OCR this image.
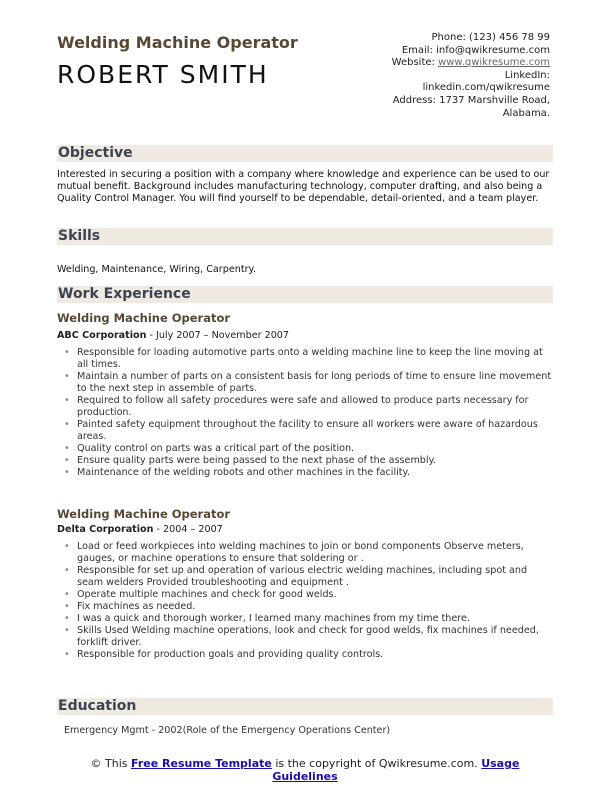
Welding Machine Operator
ROBERT SMITH
Phone: (123) 456 78 99
Email: info@qwikresume.com
Website: www.qwikresume.com
LinkedIn:
linkedin.com/qwikresume
Address: 1737 Marshville Road, Alabama.
Objective
Interested in securing a position with a company where knowledge and experience can be used to our mutual benefit. Background includes manufacturing technology, computer drafting, and also being a Quality Control Manager. You will find yourself to be dependable, detail-oriented, and a team player.
Skills
Welding, Maintenance, Wiring, Carpentry.
Work Experience
Welding Machine Operator
ABC Corporation - July 2007 – November 2007
• Responsible for loading automotive parts onto a welding machine line to keep the line moving at all times.
• Maintain a number of parts on a consistent basis for long periods of time to ensure line movement to the next step in assemble of parts.
• Required to follow all safety procedures were safe and allowed to produce parts necessary for production.
• Painted safety equipment throughout the facility to ensure all workers were aware of hazardous areas.
• Quality control on parts was a critical part of the position.
• Ensure quality parts were being passed to the next phase of the assembly.
• Maintenance of the welding robots and other machines in the facility.
Welding Machine Operator
Delta Corporation - 2004 – 2007
• Load or feed workpieces into welding machines to join or bond components Observe meters, gauges, or machine operations to ensure that soldering or .
• Responsible for set up and operation of various electric welding machines, including spot and seam welders Provided troubleshooting and equipment .
• Operate multiple machines and check for good welds.
• Fix machines as needed.
• I was a quick and thorough worker, I learned many machines from my time there.
• Skills Used Welding machine operations, look and check for good welds, fix machines if needed, forklift driver.
• Responsible for production goals and providing quality controls.
Education
Emergency Mgmt - 2002(Role of the Emergency Operations Center)
© This Free Resume Template is the copyright of Qwikresume.com. Usage Guidelines
